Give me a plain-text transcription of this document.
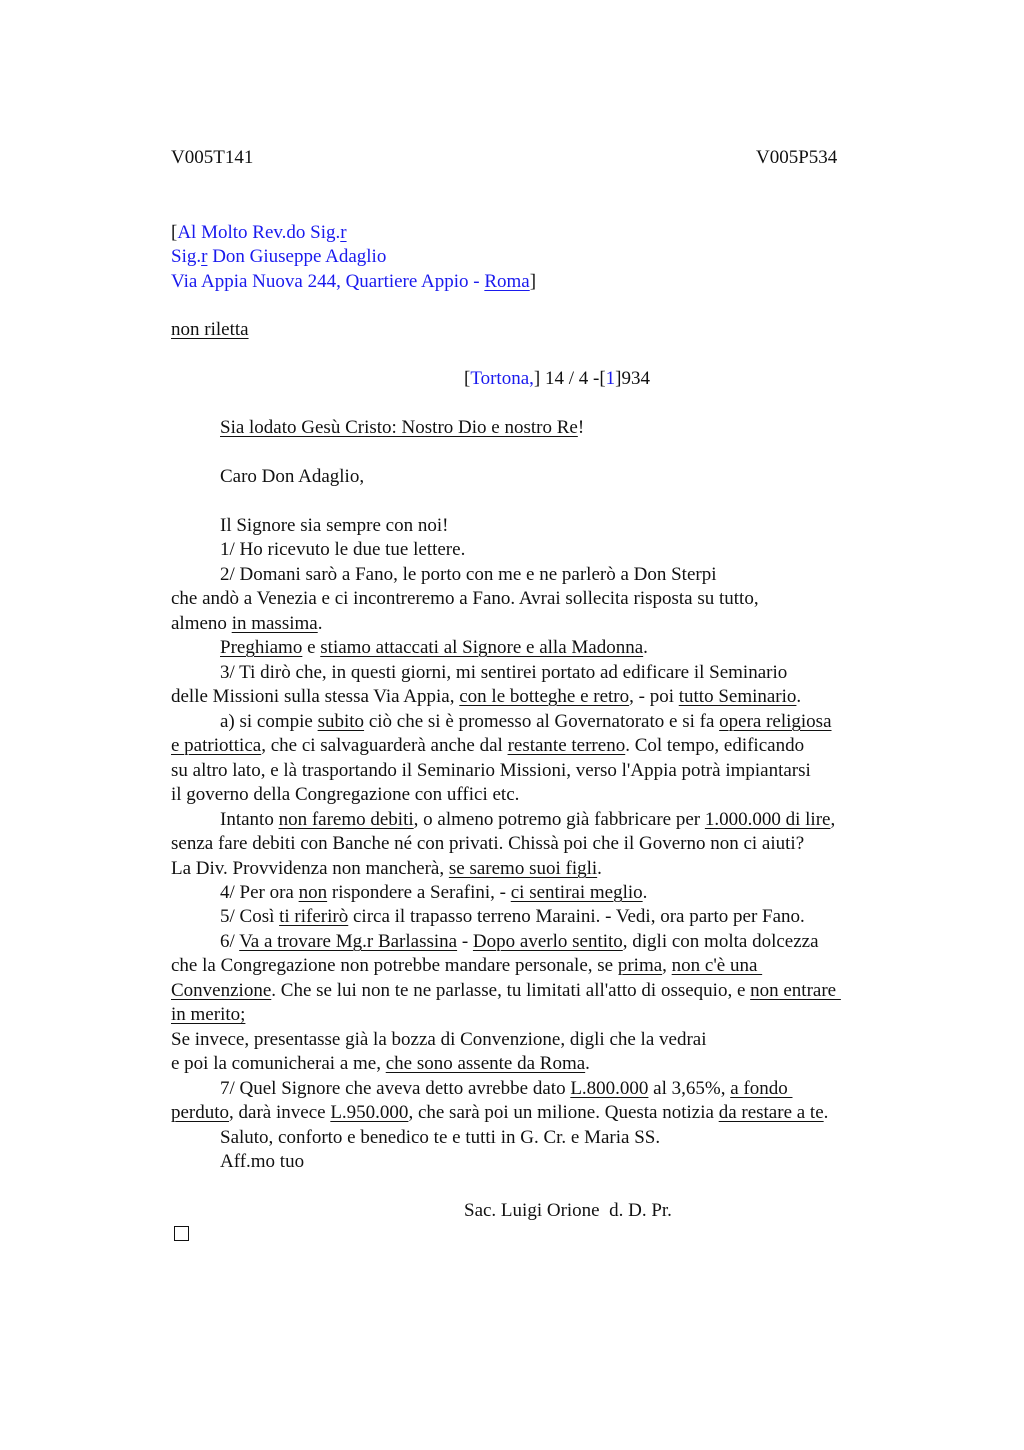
V005T141	V005P534
[Al Molto Rev.do Sig.r
Sig.r Don Giuseppe Adaglio
Via Appia Nuova 244, Quartiere Appio - Roma]
non riletta
[Tortona,] 14 / 4 -[1]934
Sia lodato Gesù Cristo: Nostro Dio e nostro Re!
Caro Don Adaglio,
Il Signore sia sempre con noi!
1/ Ho ricevuto le due tue lettere.
2/ Domani sarò a Fano, le porto con me e ne parlerò a Don Sterpi
che andò a Venezia e ci incontreremo a Fano. Avrai sollecita risposta su tutto,
almeno in massima.
Preghiamo e stiamo attaccati al Signore e alla Madonna.
3/ Ti dirò che, in questi giorni, mi sentirei portato ad edificare il Seminario
delle Missioni sulla stessa Via Appia, con le botteghe e retro, - poi tutto Seminario.
a) si compie subito ciò che si è promesso al Governatorato e si fa opera religiosa
e patriottica, che ci salvaguarderà anche dal restante terreno. Col tempo, edificando
su altro lato, e là trasportando il Seminario Missioni, verso l'Appia potrà impiantarsi
il governo della Congregazione con uffici etc.
Intanto non faremo debiti, o almeno potremo già fabbricare per 1.000.000 di lire,
senza fare debiti con Banche né con privati. Chissà poi che il Governo non ci aiuti?
La Div. Provvidenza non mancherà, se saremo suoi figli.
4/ Per ora non rispondere a Serafini, - ci sentirai meglio.
5/ Così ti riferirò circa il trapasso terreno Maraini. - Vedi, ora parto per Fano.
6/ Va a trovare Mg.r Barlassina - Dopo averlo sentito, digli con molta dolcezza
che la Congregazione non potrebbe mandare personale, se prima, non c'è una
Convenzione. Che se lui non te ne parlasse, tu limitati all'atto di ossequio, e non entrare
in merito;
Se invece, presentasse già la bozza di Convenzione, digli che la vedrai
e poi la comunicherai a me, che sono assente da Roma.
7/ Quel Signore che aveva detto avrebbe dato L.800.000 al 3,65%, a fondo
perduto, darà invece L.950.000, che sarà poi un milione. Questa notizia da restare a te.
Saluto, conforto e benedico te e tutti in G. Cr. e Maria SS.
Aff.mo tuo
Sac. Luigi Orione  d. D. Pr.
